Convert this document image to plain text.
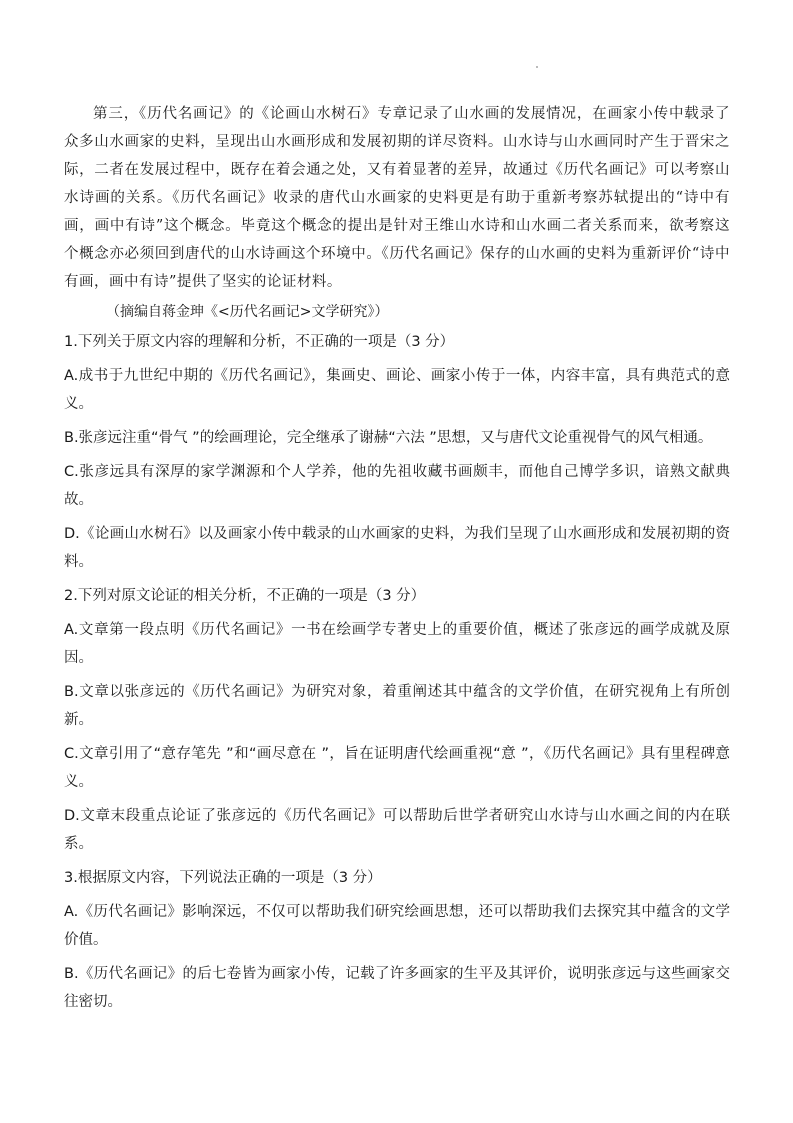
第三，《历代名画记》的《论画山水树石》专章记录了山水画的发展情况，在画家小传中载录了众多山水画家的史料，呈现出山水画形成和发展初期的详尽资料。山水诗与山水画同时产生于晋宋之际，二者在发展过程中，既存在着会通之处，又有着显著的差异，故通过《历代名画记》可以考察山水诗画的关系。《历代名画记》收录的唐代山水画家的史料更是有助于重新考察苏轼提出的“诗中有画，画中有诗”这个概念。毕竟这个概念的提出是针对王维山水诗和山水画二者关系而来，欲考察这个概念亦必须回到唐代的山水诗画这个环境中。《历代名画记》保存的山水画的史料为重新评价“诗中有画，画中有诗”提供了坚实的论证材料。

（摘编自蒋金珅《<历代名画记>文学研究》）

1.下列关于原文内容的理解和分析，不正确的一项是（3 分）

A.成书于九世纪中期的《历代名画记》，集画史、画论、画家小传于一体，内容丰富，具有典范式的意义。

B.张彦远注重“骨气 ”的绘画理论，完全继承了谢赫“六法 ”思想，又与唐代文论重视骨气的风气相通。

C.张彦远具有深厚的家学渊源和个人学养，他的先祖收藏书画颇丰，而他自己博学多识，谙熟文献典故。

D.《论画山水树石》以及画家小传中载录的山水画家的史料，为我们呈现了山水画形成和发展初期的资料。

2.下列对原文论证的相关分析，不正确的一项是（3 分）

A.文章第一段点明《历代名画记》一书在绘画学专著史上的重要价值，概述了张彦远的画学成就及原因。

B.文章以张彦远的《历代名画记》为研究对象，着重阐述其中蕴含的文学价值，在研究视角上有所创新。

C.文章引用了“意存笔先 ”和“画尽意在 ”，旨在证明唐代绘画重视“意 ”，《历代名画记》具有里程碑意义。

D.文章末段重点论证了张彦远的《历代名画记》可以帮助后世学者研究山水诗与山水画之间的内在联系。

3.根据原文内容，下列说法正确的一项是（3 分）

A.《历代名画记》影响深远，不仅可以帮助我们研究绘画思想，还可以帮助我们去探究其中蕴含的文学价值。

B.《历代名画记》的后七卷皆为画家小传，记载了许多画家的生平及其评价，说明张彦远与这些画家交往密切。
